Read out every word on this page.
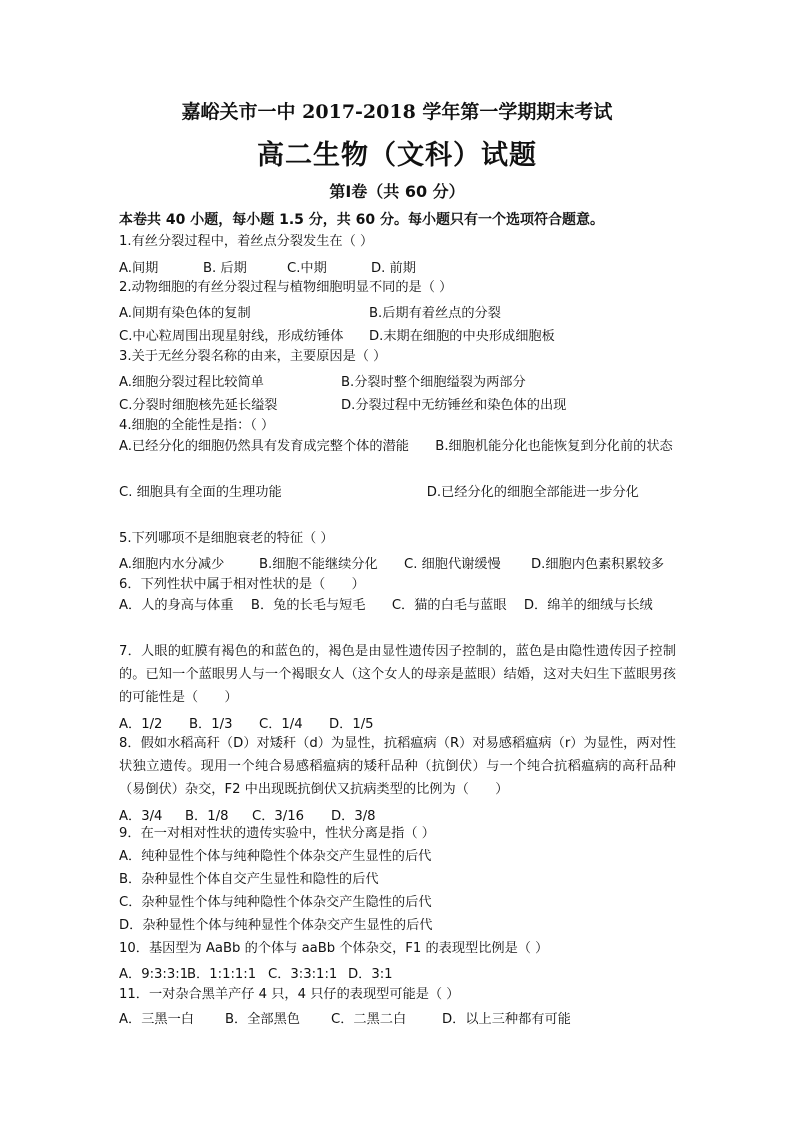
嘉峪关市一中 2017-2018 学年第一学期期末考试
高二生物（文科）试题
第Ⅰ卷（共 60 分）
本卷共 40 小题，每小题 1.5 分，共 60 分。每小题只有一个选项符合题意。
1.有丝分裂过程中，着丝点分裂发生在（ ）
A.间期	B. 后期	C.中期	D. 前期
2.动物细胞的有丝分裂过程与植物细胞明显不同的是（ ）
A.间期有染色体的复制	B.后期有着丝点的分裂
C.中心粒周围出现星射线，形成纺锤体 D.末期在细胞的中央形成细胞板
3.关于无丝分裂名称的由来，主要原因是（ ）
A.细胞分裂过程比较简单	B.分裂时整个细胞缢裂为两部分
C.分裂时细胞核先延长缢裂	D.分裂过程中无纺锤丝和染色体的出现
4.细胞的全能性是指：（ ）
A.已经分化的细胞仍然具有发育成完整个体的潜能　　B.细胞机能分化也能恢复到分化前的状态
C. 细胞具有全面的生理功能　　　　　　　　　　　D.已经分化的细胞全部能进一步分化
5.下列哪项不是细胞衰老的特征（ ）
A.细胞内水分减少	B.细胞不能继续分化 C. 细胞代谢缓慢 D.细胞内色素积累较多
6．下列性状中属于相对性状的是（　　）
A．人的身高与体重　 B．兔的长毛与短毛　　C．猫的白毛与蓝眼　 D．绵羊的细绒与长绒
7．人眼的虹膜有褐色的和蓝色的，褐色是由显性遗传因子控制的，蓝色是由隐性遗传因子控制的。已知一个蓝眼男人与一个褐眼女人（这个女人的母亲是蓝眼）结婚，这对夫妇生下蓝眼男孩的可能性是（　　）
A．1/2 B．1/3 C．1/4 D．1/5
8．假如水稻高秆（D）对矮秆（d）为显性，抗稻瘟病（R）对易感稻瘟病（r）为显性，两对性状独立遗传。现用一个纯合易感稻瘟病的矮秆品种（抗倒伏）与一个纯合抗稻瘟病的高秆品种（易倒伏）杂交，F2 中出现既抗倒伏又抗病类型的比例为（　　）
A．3/4 B．1/8 C．3/16 D．3/8
9．在一对相对性状的遗传实验中，性状分离是指（ ）
A．纯种显性个体与纯种隐性个体杂交产生显性的后代
B．杂种显性个体自交产生显性和隐性的后代
C．杂种显性个体与纯种隐性个体杂交产生隐性的后代
D．杂种显性个体与纯种显性个体杂交产生显性的后代
10．基因型为 AaBb 的个体与 aaBb 个体杂交，F1 的表现型比例是（ ）
A．9:3:3:1
B．1:1:1:1 C．3:3:1:1 D．3:1
11．一对杂合黑羊产仔 4 只，4 只仔的表现型可能是（ ）
A．三黑一白 B．全部黑色 C．二黑二白	D．以上三种都有可能
